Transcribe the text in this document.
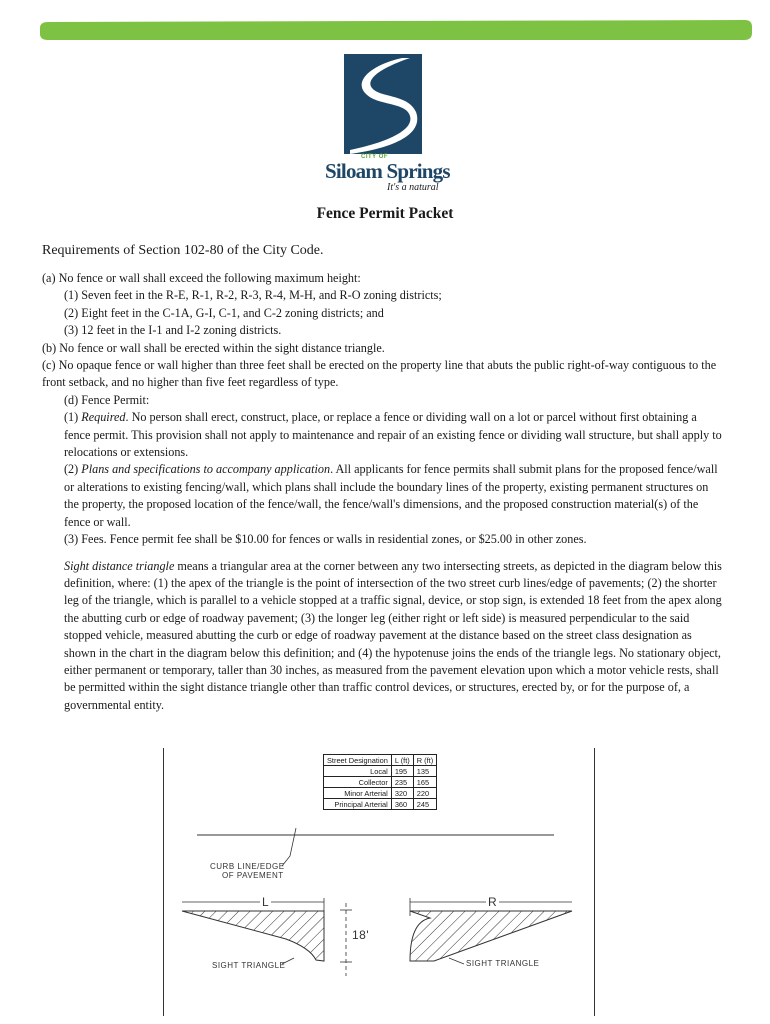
CITY OF
Siloam Springs
It's a natural
Fence Permit Packet
Requirements of Section 102-80 of the City Code.

(a) No fence or wall shall exceed the following maximum height:

(1) Seven feet in the R-E, R-1, R-2, R-3, R-4, M-H, and R-O zoning districts;

(2) Eight feet in the C-1A, G-I, C-1, and C-2 zoning districts; and

(3) 12 feet in the I-1 and I-2 zoning districts.

(b) No fence or wall shall be erected within the sight distance triangle.

(c) No opaque fence or wall higher than three feet shall be erected on the property line that abuts the public right-of-way contiguous to the front setback, and no higher than five feet regardless of type.

(d) Fence Permit:

(1) Required. No person shall erect, construct, place, or replace a fence or dividing wall on a lot or parcel without first obtaining a fence permit. This provision shall not apply to maintenance and repair of an existing fence or dividing wall structure, but shall apply to relocations or extensions.

(2) Plans and specifications to accompany application. All applicants for fence permits shall submit plans for the proposed fence/wall or alterations to existing fencing/wall, which plans shall include the boundary lines of the property, existing permanent structures on the property, the proposed location of the fence/wall, the fence/wall's dimensions, and the proposed construction material(s) of the fence or wall.

(3) Fees. Fence permit fee shall be $10.00 for fences or walls in residential zones, or $25.00 in other zones.

Sight distance triangle means a triangular area at the corner between any two intersecting streets, as depicted in the diagram below this definition, where: (1) the apex of the triangle is the point of intersection of the two street curb lines/edge of pavements; (2) the shorter leg of the triangle, which is parallel to a vehicle stopped at a traffic signal, device, or stop sign, is extended 18 feet from the apex along the abutting curb or edge of roadway pavement; (3) the longer leg (either right or left side) is measured perpendicular to the said stopped vehicle, measured abutting the curb or edge of roadway pavement at the distance based on the street class designation as shown in the chart in the diagram below this definition; and (4) the hypotenuse joins the ends of the triangle legs. No stationary object, either permanent or temporary, taller than 30 inches, as measured from the pavement elevation upon which a motor vehicle rests, shall be permitted within the sight distance triangle other than traffic control devices, or structures, erected by, or for the purpose of, a governmental entity.

Street Designation	L (ft)	R (ft)
Local	195	135
Collector	235	165
Minor Arterial	320	220
Principal Arterial	360	245
CURB LINE/EDGE
OF PAVEMENT
L	R
18'
SIGHT TRIANGLE	SIGHT TRIANGLE
